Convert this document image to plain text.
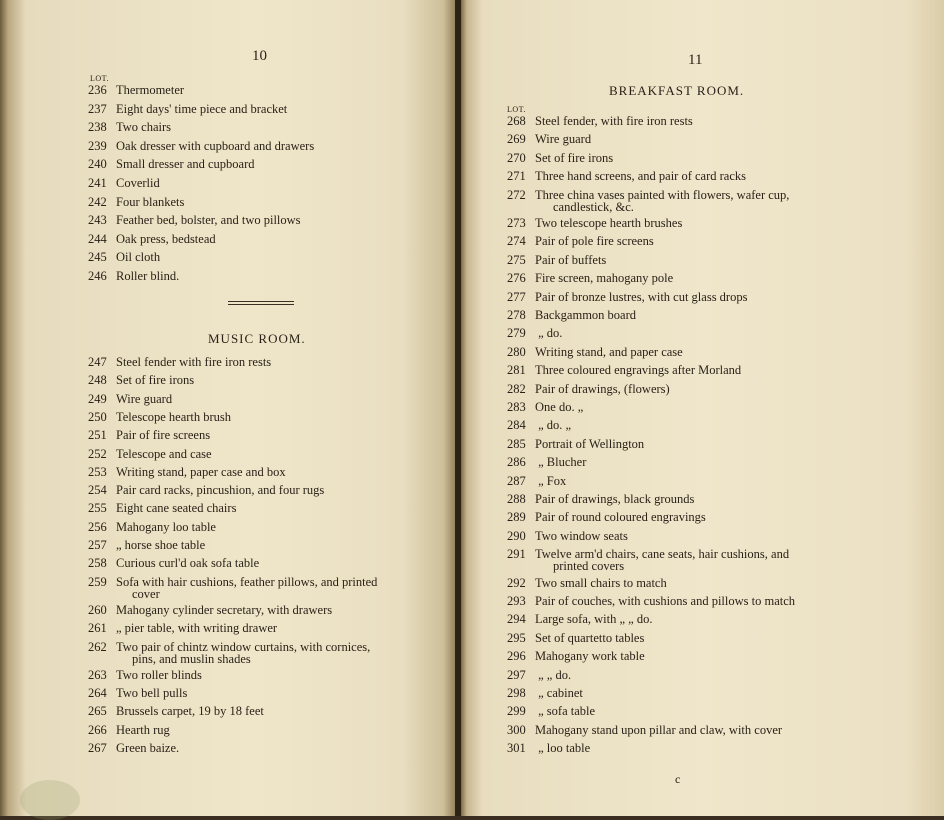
10
LOT.
236 Thermometer
237 Eight days' time piece and bracket
238 Two chairs
239 Oak dresser with cupboard and drawers
240 Small dresser and cupboard
241 Coverlid
242 Four blankets
243 Feather bed, bolster, and two pillows
244 Oak press, bedstead
245 Oil cloth
246 Roller blind.
MUSIC ROOM.
247 Steel fender with fire iron rests
248 Set of fire irons
249 Wire guard
250 Telescope hearth brush
251 Pair of fire screens
252 Telescope and case
253 Writing stand, paper case and box
254 Pair card racks, pincushion, and four rugs
255 Eight cane seated chairs
256 Mahogany loo table
257 „ horse shoe table
258 Curious curl'd oak sofa table
259 Sofa with hair cushions, feather pillows, and printed
cover
260 Mahogany cylinder secretary, with drawers
261 „ pier table, with writing drawer
262 Two pair of chintz window curtains, with cornices,
pins, and muslin shades
263 Two roller blinds
264 Two bell pulls
265 Brussels carpet, 19 by 18 feet
266 Hearth rug
267 Green baize.
11
BREAKFAST ROOM.
LOT.
268 Steel fender, with fire iron rests
269 Wire guard
270 Set of fire irons
271 Three hand screens, and pair of card racks
272 Three china vases painted with flowers, wafer cup,
candlestick, &c.
273 Two telescope hearth brushes
274 Pair of pole fire screens
275 Pair of buffets
276 Fire screen, mahogany pole
277 Pair of bronze lustres, with cut glass drops
278 Backgammon board
279 „ do.
280 Writing stand, and paper case
281 Three coloured engravings after Morland
282 Pair of drawings, (flowers)
283 One do. „
284 „ do. „
285 Portrait of Wellington
286 „ Blucher
287 „ Fox
288 Pair of drawings, black grounds
289 Pair of round coloured engravings
290 Two window seats
291 Twelve arm'd chairs, cane seats, hair cushions, and
printed covers
292 Two small chairs to match
293 Pair of couches, with cushions and pillows to match
294 Large sofa, with „ „ do.
295 Set of quartetto tables
296 Mahogany work table
297 „ „ do.
298 „ cabinet
299 „ sofa table
300 Mahogany stand upon pillar and claw, with cover
301 „ loo table
c
